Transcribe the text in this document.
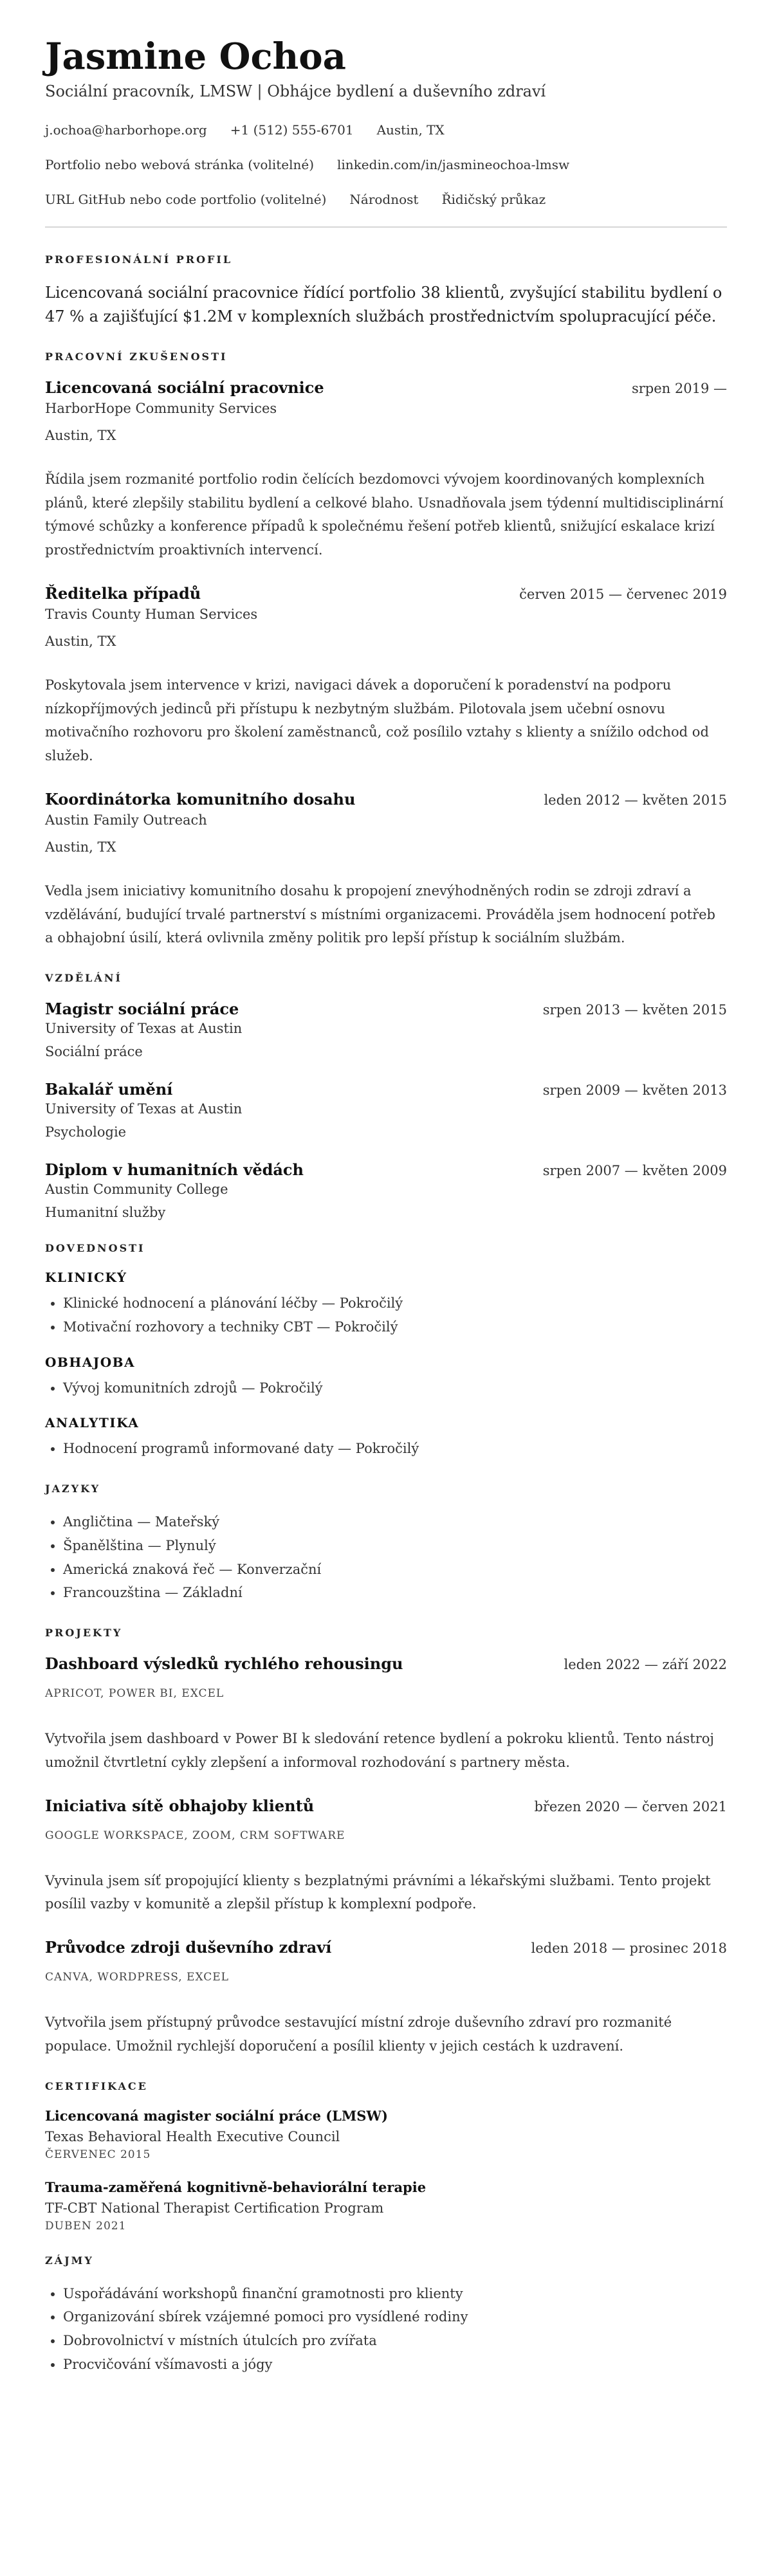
Jasmine Ochoa
Sociální pracovník, LMSW | Obhájce bydlení a duševního zdraví
j.ochoa@harborhope.org +1 (512) 555-6701 Austin, TX
Portfolio nebo webová stránka (volitelné) linkedin.com/in/jasmineochoa-lmsw
URL GitHub nebo code portfolio (volitelné) Národnost Řidičský průkaz
PROFESIONÁLNÍ PROFIL

Licencovaná sociální pracovnice řídící portfolio 38 klientů, zvyšující stabilitu bydlení o 47 % a zajišťující $1.2M v komplexních službách prostřednictvím spolupracující péče.

PRACOVNÍ ZKUŠENOSTI
Licencovaná sociální pracovnice	srpen 2019 —
HarborHope Community Services
Austin, TX
Řídila jsem rozmanité portfolio rodin čelících bezdomovci vývojem koordinovaných komplexních plánů, které zlepšily stabilitu bydlení a celkové blaho. Usnadňovala jsem týdenní multidisciplinární týmové schůzky a konference případů k společnému řešení potřeb klientů, snižující eskalace krizí prostřednictvím proaktivních intervencí.
Ředitelka případů	červen 2015 — červenec 2019
Travis County Human Services
Austin, TX
Poskytovala jsem intervence v krizi, navigaci dávek a doporučení k poradenství na podporu nízkopříjmových jedinců při přístupu k nezbytným službám. Pilotovala jsem učební osnovu motivačního rozhovoru pro školení zaměstnanců, což posílilo vztahy s klienty a snížilo odchod od služeb.
Koordinátorka komunitního dosahu	leden 2012 — květen 2015
Austin Family Outreach
Austin, TX
Vedla jsem iniciativy komunitního dosahu k propojení znevýhodněných rodin se zdroji zdraví a vzdělávání, budující trvalé partnerství s místními organizacemi. Prováděla jsem hodnocení potřeb a obhajobní úsilí, která ovlivnila změny politik pro lepší přístup k sociálním službám.
VZDĚLÁNÍ
Magistr sociální práce	srpen 2013 — květen 2015
University of Texas at Austin
Sociální práce
Bakalář umění	srpen 2009 — květen 2013
University of Texas at Austin
Psychologie
Diplom v humanitních vědách	srpen 2007 — květen 2009
Austin Community College
Humanitní služby
DOVEDNOSTI
KLINICKÝ
• Klinické hodnocení a plánování léčby — Pokročilý
• Motivační rozhovory a techniky CBT — Pokročilý
OBHAJOBA
• Vývoj komunitních zdrojů — Pokročilý
ANALYTIKA
• Hodnocení programů informované daty — Pokročilý
JAZYKY
• Angličtina — Mateřský
• Španělština — Plynulý
• Americká znaková řeč — Konverzační
• Francouzština — Základní
PROJEKTY
Dashboard výsledků rychlého rehousingu	leden 2022 — září 2022
APRICOT, POWER BI, EXCEL
Vytvořila jsem dashboard v Power BI k sledování retence bydlení a pokroku klientů. Tento nástroj umožnil čtvrtletní cykly zlepšení a informoval rozhodování s partnery města.
Iniciativa sítě obhajoby klientů	březen 2020 — červen 2021
GOOGLE WORKSPACE, ZOOM, CRM SOFTWARE
Vyvinula jsem síť propojující klienty s bezplatnými právními a lékařskými službami. Tento projekt posílil vazby v komunitě a zlepšil přístup k komplexní podpoře.
Průvodce zdroji duševního zdraví	leden 2018 — prosinec 2018
CANVA, WORDPRESS, EXCEL
Vytvořila jsem přístupný průvodce sestavující místní zdroje duševního zdraví pro rozmanité populace. Umožnil rychlejší doporučení a posílil klienty v jejich cestách k uzdravení.
CERTIFIKACE
Licencovaná magister sociální práce (LMSW)
Texas Behavioral Health Executive Council
ČERVENEC 2015
Trauma-zaměřená kognitivně-behaviorální terapie
TF-CBT National Therapist Certification Program
DUBEN 2021
ZÁJMY
• Uspořádávání workshopů finanční gramotnosti pro klienty
• Organizování sbírek vzájemné pomoci pro vysídlené rodiny
• Dobrovolnictví v místních útulcích pro zvířata
• Procvičování všímavosti a jógy
